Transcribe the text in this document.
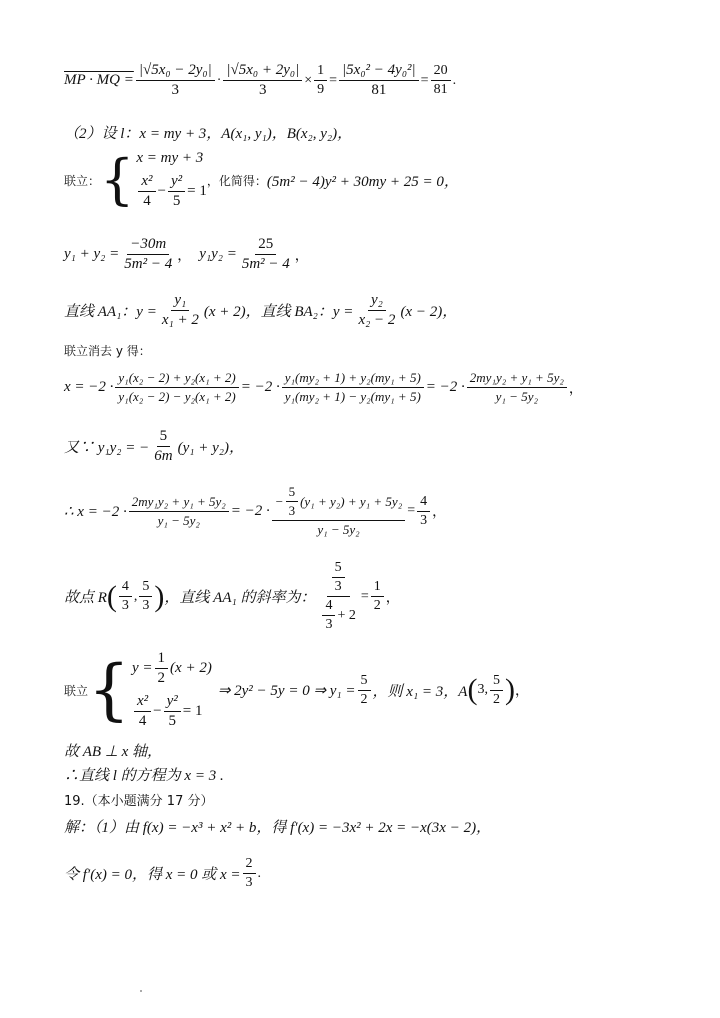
MP · MQ = $\frac{\text{|√5x₀ − 2y₀|}}{3} \cdot \frac{\text{|√5x₀ + 2y₀|}}{3} \times \frac{1}{9} = \frac{\text{|5x₀² − 4y₀²|}}{81} = \frac{20}{81}$ .
（2）设 l：x = my + 3，A(x₁, y₁)，B(x₂, y₂)，
联立： { x = my + 3
$\frac{\text{x²}}{4} - \frac{\text{y²}}{5} = 1$
，化简得： (5m² − 4)y² + 30my + 25 = 0，
$y_1 + y_2 = \frac{-30m}{\text{5m² − 4}}$ ， $y_1y_2 = \frac{25}{\text{5m² − 4}}$ ，
直线 AA₁：$y = \frac{\text{y₁}}{\text{x₁ + 2}} (x + 2)$， 直线 BA₂：$y = \frac{\text{y₂}}{\text{x₂ − 2}} (x - 2)$，
联立消去 y 得：
$x = -2 \cdot \frac{\text{y₁(x₂ − 2) + y₂(x₁ + 2)}}{\text{y₁(x₂ − 2) − y₂(x₁ + 2)}} = -2 \cdot \frac{\text{y₁(my₂ + 1) + y₂(my₁ + 5)}}{\text{y₁(my₂ + 1) − y₂(my₁ + 5)}} = -2 \cdot \frac{\text{2my₁y₂ + y₁ + 5y₂}}{\text{y₁ − 5y₂}}$ ，
又∵ y₁y₂ = − $\frac{5}{6m} (y_1 + y_2)$，
∴ $x = -2 \cdot \frac{\text{2my₁y₂ + y₁ + 5y₂}}{\text{y₁ − 5y₂}} = -2 \cdot \frac{- \frac{5}{3} (y_1 + y_2) + y_1 + 5y_2}{\text{y₁ − 5y₂}} = \frac{4}{3}$ ，
故点 R ( $\frac{4}{3}$ , $\frac{5}{3}$ ) ，直线 AA₁ 的斜率为： $\frac{\frac{5}{3}}{\frac{4}{3} + 2} = \frac{1}{2}$ ，
联立 { $y = \frac{1}{2} (x + 2)$
$\frac{\text{x²}}{4} - \frac{\text{y²}}{5} = 1$
⇒ 2y² − 5y = 0 ⇒ $y_1 = \frac{5}{2}$ ，则 x₁ = 3，A ( 3, $\frac{5}{2}$ ) ，
故 AB ⊥ x 轴，
∴直线 l 的方程为 x = 3 .
19.（本小题满分 17 分）
解：（1）由 f(x) = −x³ + x² + b，得 f′(x) = −3x² + 2x = −x(3x − 2)，
令 f′(x) = 0，得 x = 0 或 $x = \frac{2}{3}$ .
